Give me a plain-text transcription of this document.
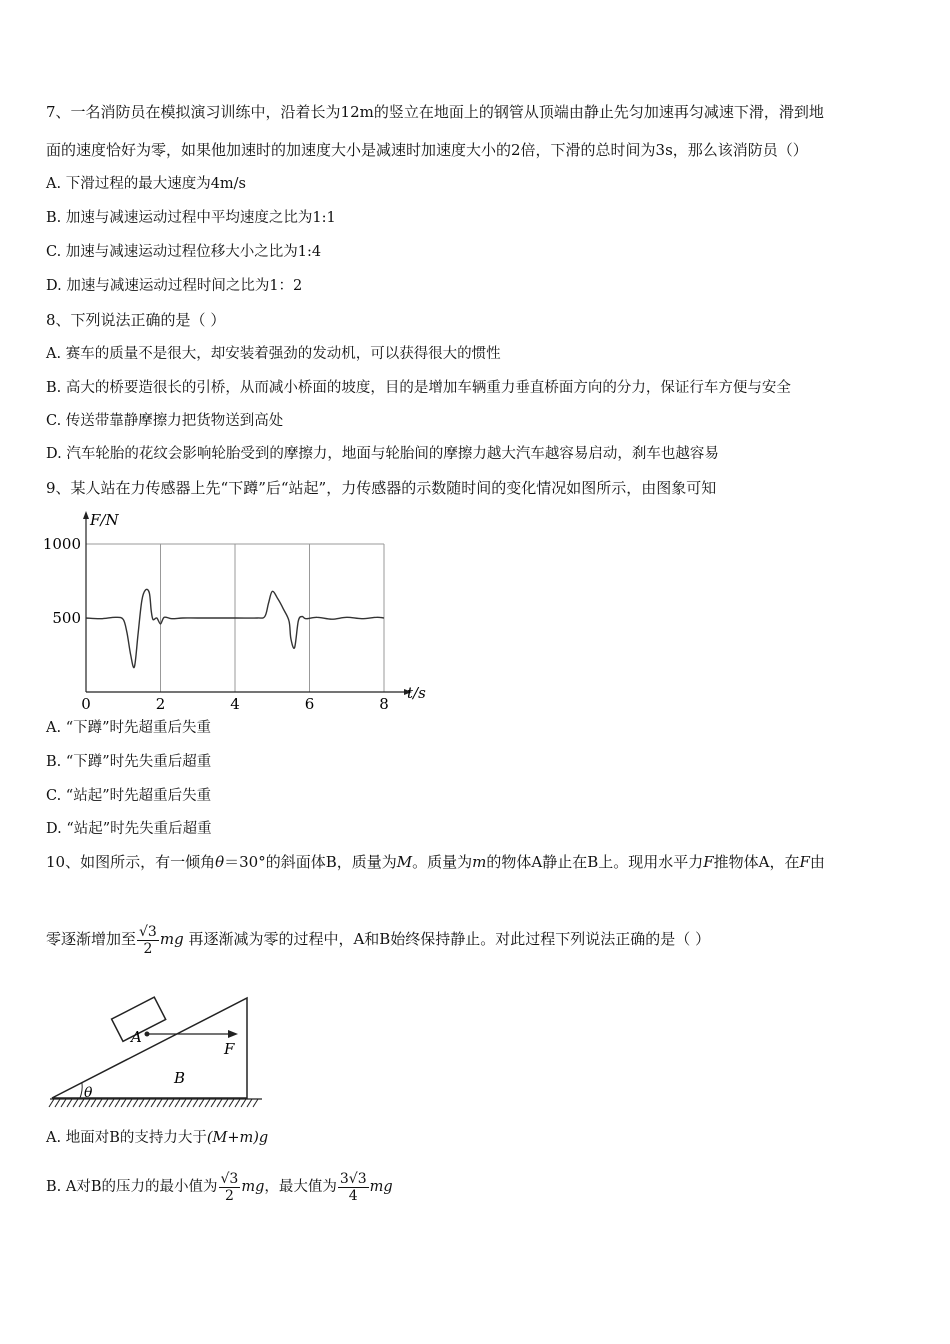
7、一名消防员在模拟演习训练中，沿着长为12m的竖立在地面上的钢管从顶端由静止先匀加速再匀减速下滑，滑到地
面的速度恰好为零，如果他加速时的加速度大小是减速时加速度大小的2倍，下滑的总时间为3s，那么该消防员（）
A. 下滑过程的最大速度为4m/s
B. 加速与减速运动过程中平均速度之比为1:1
C. 加速与减速运动过程位移大小之比为1:4
D. 加速与减速运动过程时间之比为1：2
8、下列说法正确的是（ ）
A. 赛车的质量不是很大，却安装着强劲的发动机，可以获得很大的惯性
B. 高大的桥要造很长的引桥，从而减小桥面的坡度，目的是增加车辆重力垂直桥面方向的分力，保证行车方便与安全
C. 传送带靠静摩擦力把货物送到高处
D. 汽车轮胎的花纹会影响轮胎受到的摩擦力，地面与轮胎间的摩擦力越大汽车越容易启动，刹车也越容易
9、某人站在力传感器上先“下蹲”后“站起”，力传感器的示数随时间的变化情况如图所示，由图象可知
0	2	4	6	8
500
1000
F/N
t/s
A. “下蹲”时先超重后失重
B. “下蹲”时先失重后超重
C. “站起”时先超重后失重
D. “站起”时先失重后超重
10、如图所示，有一倾角θ＝30°的斜面体B，质量为M。质量为m的物体A静止在B上。现用水平力F推物体A，在F由
零逐渐增加至 $\frac{√3}{2}$ mg 再逐渐减为零的过程中，A和B始终保持静止。对此过程下列说法正确的是（ ）
A
F
B
θ
A. 地面对B的支持力大于(M+m)g
B. A对B的压力的最小值为 $\frac{√3}{2}$ mg，最大值为 $\frac{3√3}{4}$ mg
